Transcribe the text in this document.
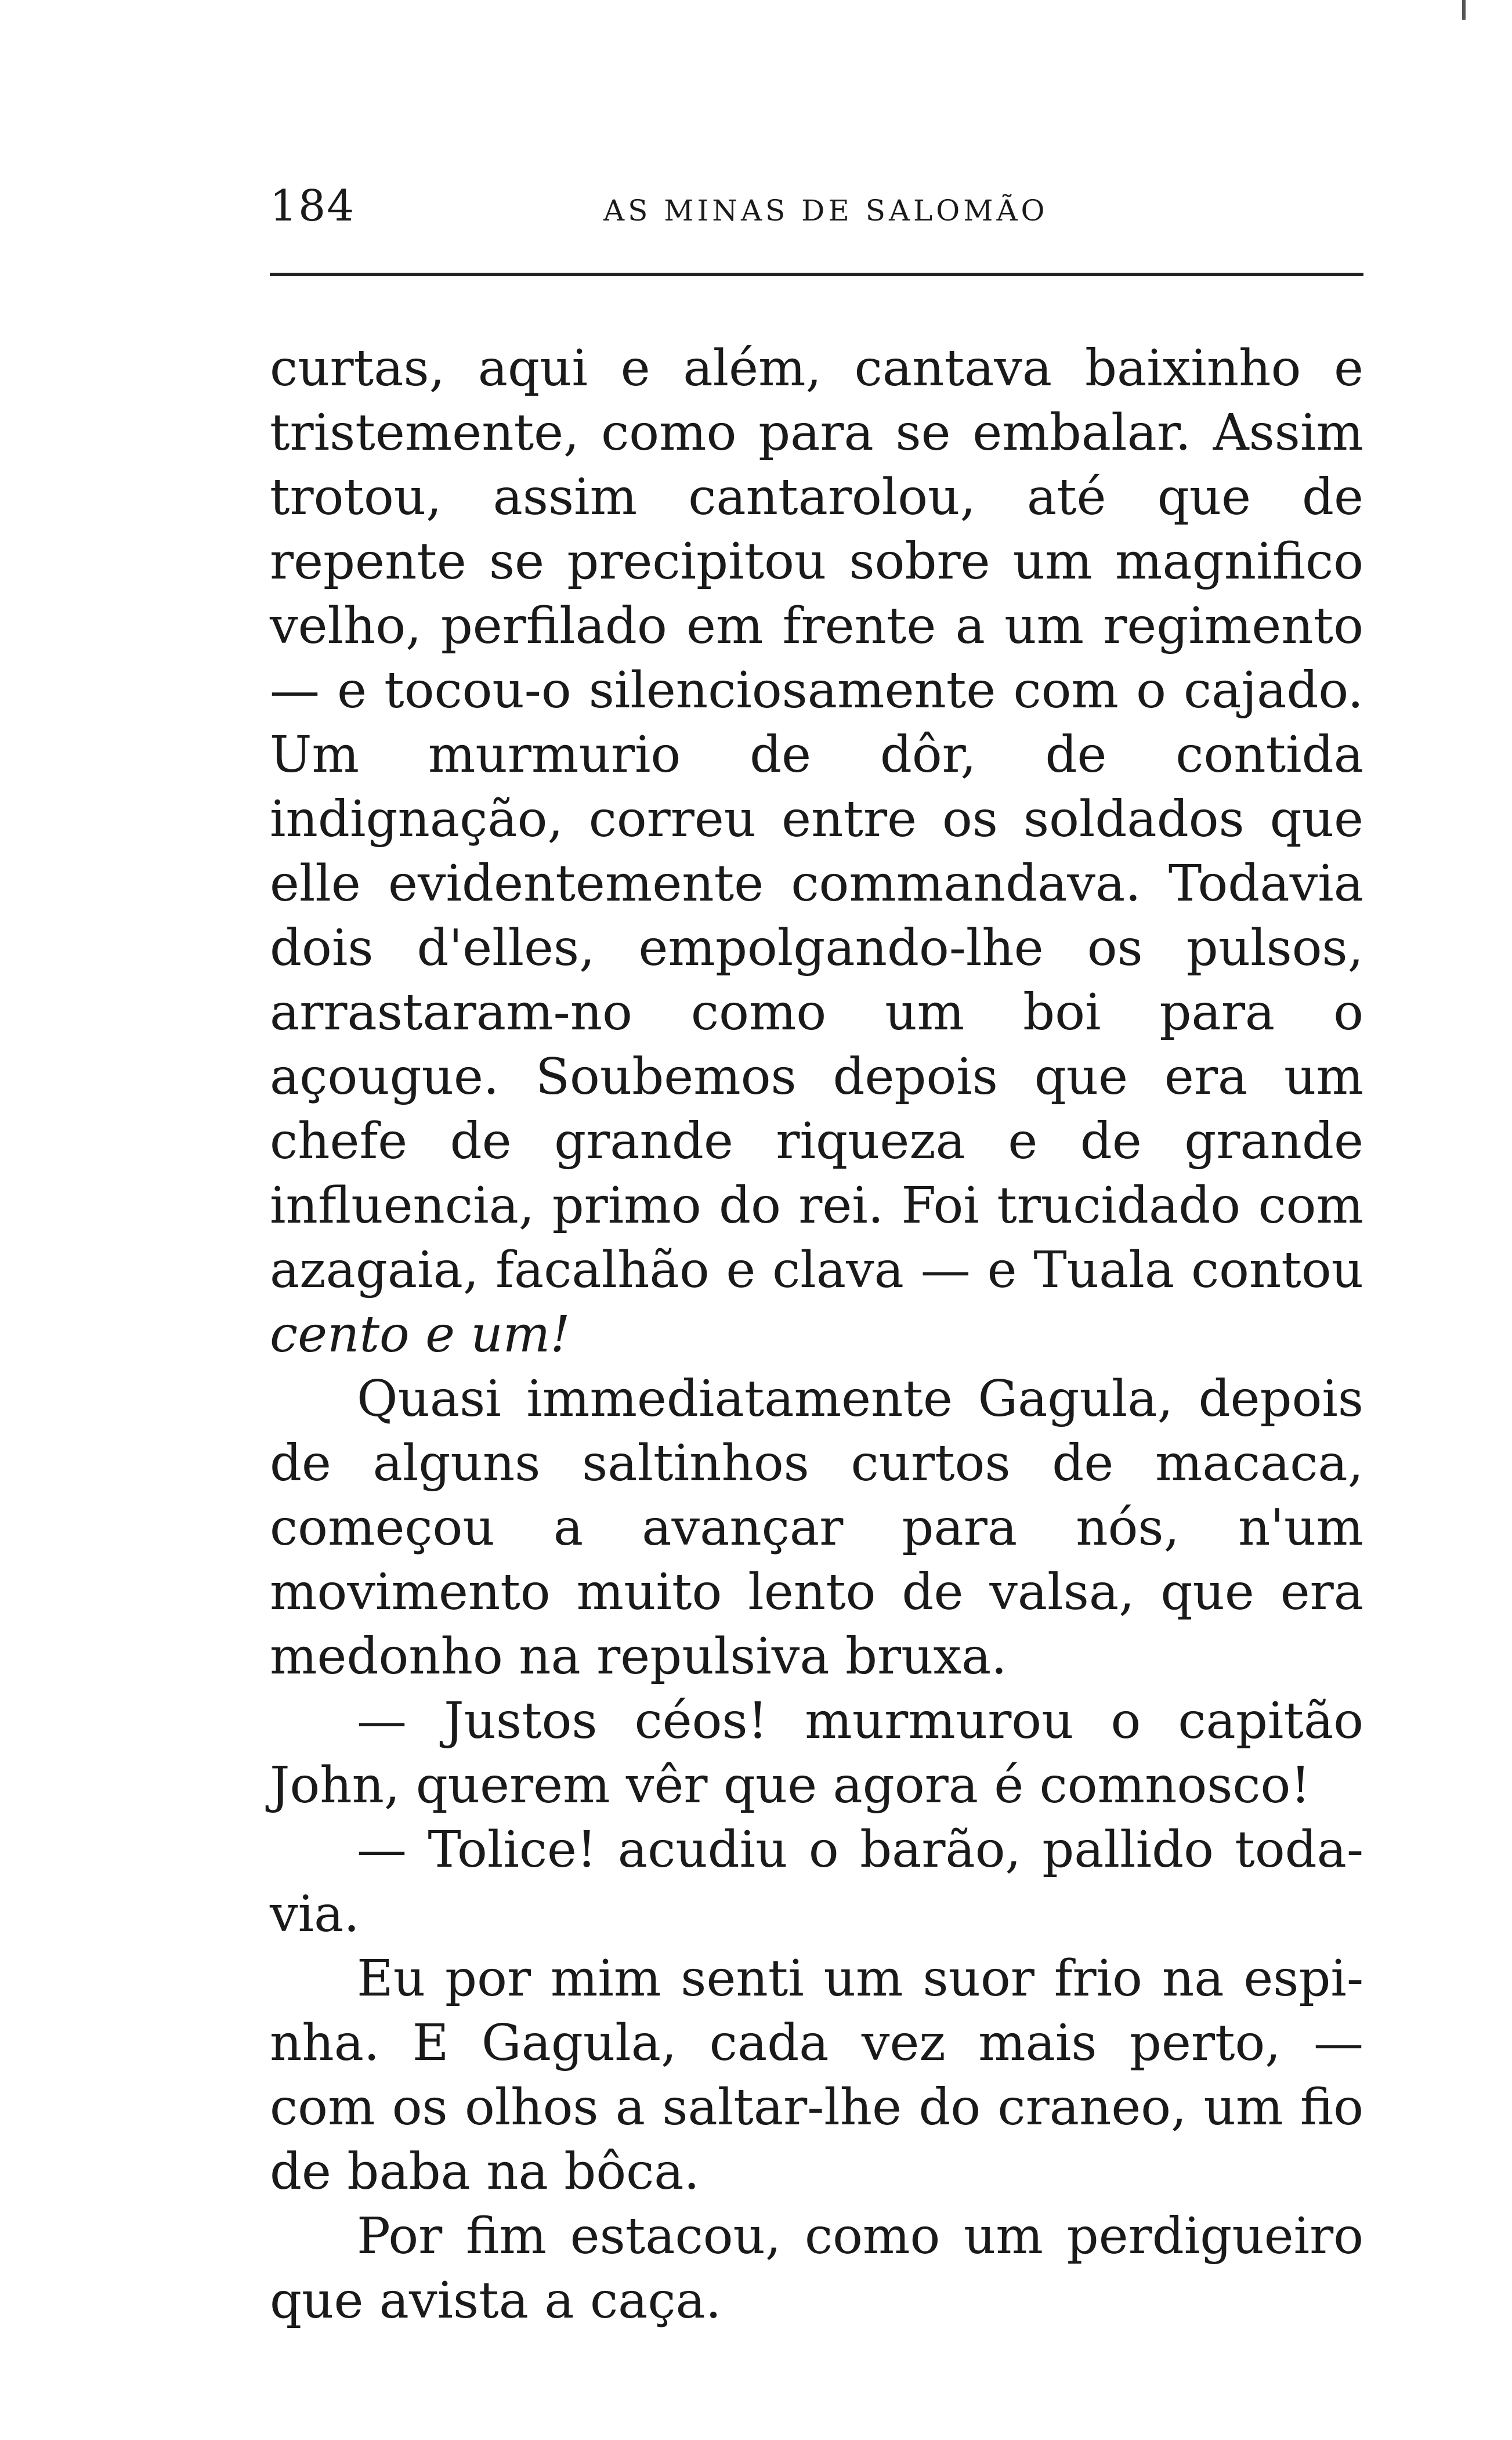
184	AS MINAS DE SALOMÃO

curtas, aqui e além, cantava baixinho e tristemente, como para se embalar. Assim trotou, assim cantarolou, até que de repente se precipitou sobre um magnifico velho, perfilado em frente a um regimento — e tocou-o silenciosamente com o cajado. Um murmurio de dôr, de contida indignação, correu entre os soldados que elle evidentemente commandava. Todavia dois d'elles, empolgando-lhe os pulsos, arrastaram-no como um boi para o açougue. Soubemos depois que era um chefe de grande riqueza e de grande influencia, primo do rei. Foi trucidado com azagaia, facalhão e clava — e Tuala contou cento e um!

Quasi immediatamente Gagula, depois de alguns saltinhos curtos de macaca, começou a avançar para nós, n'um movimento muito lento de valsa, que era medonho na repulsiva bruxa.

— Justos céos! murmurou o capitão John, querem vêr que agora é comnosco!

— Tolice! acudiu o barão, pallido todavia.

Eu por mim senti um suor frio na espinha. E Gagula, cada vez mais perto, — com os olhos a saltar-lhe do craneo, um fio de baba na bôca.

Por fim estacou, como um perdigueiro que avista a caça.
